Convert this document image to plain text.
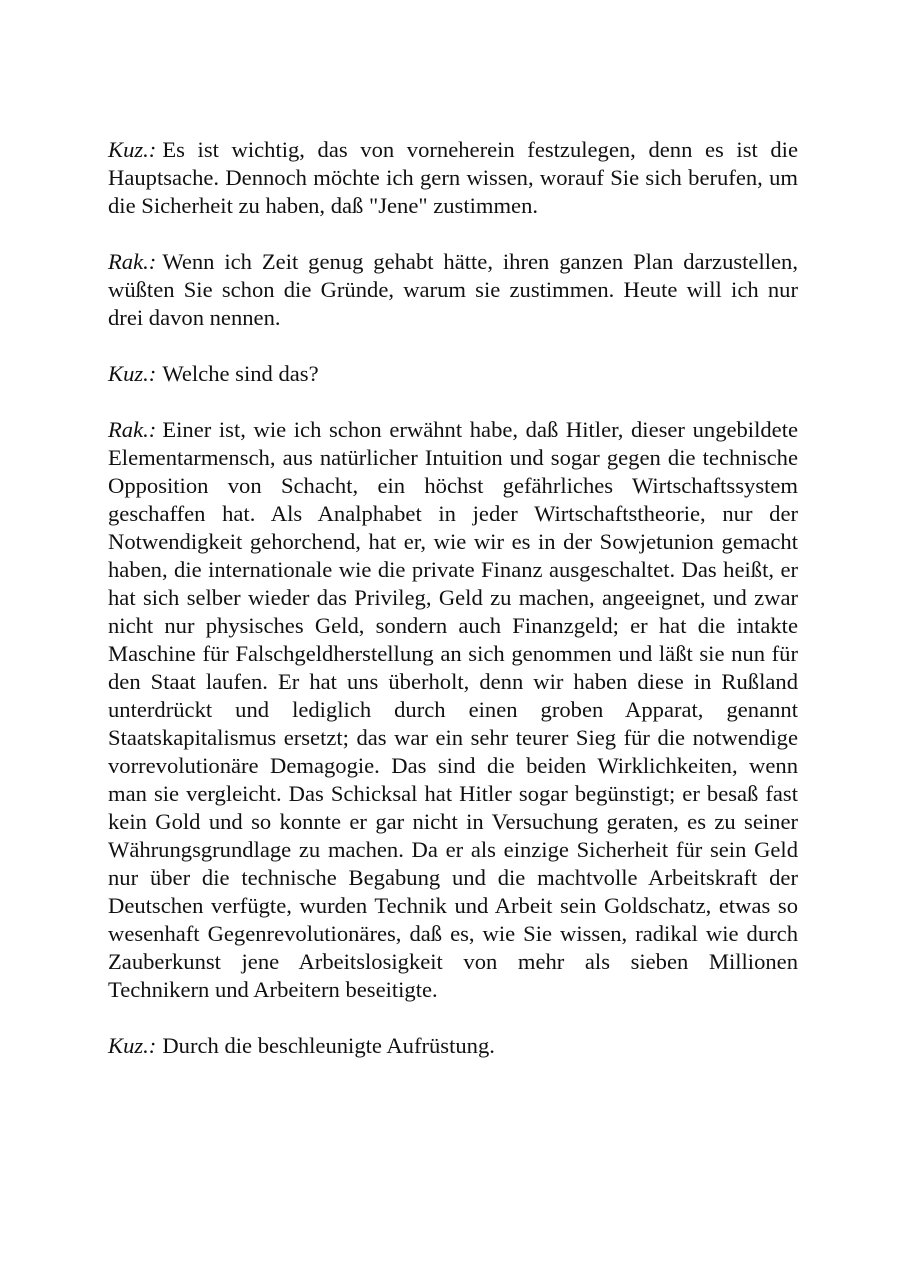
Kuz.: Es ist wichtig, das von vorneherein festzulegen, denn es ist die Hauptsache. Dennoch möchte ich gern wissen, worauf Sie sich berufen, um die Sicherheit zu haben, daß "Jene" zustimmen.

Rak.: Wenn ich Zeit genug gehabt hätte, ihren ganzen Plan darzustellen, wüßten Sie schon die Gründe, warum sie zustimmen. Heute will ich nur drei davon nennen.

Kuz.: Welche sind das?

Rak.: Einer ist, wie ich schon erwähnt habe, daß Hitler, dieser ungebildete Elementarmensch, aus natürlicher Intuition und sogar gegen die technische Opposition von Schacht, ein höchst gefährliches Wirtschaftssystem geschaffen hat. Als Analphabet in jeder Wirtschaftstheorie, nur der Notwendigkeit gehorchend, hat er, wie wir es in der Sowjetunion gemacht haben, die internationale wie die private Finanz ausgeschaltet. Das heißt, er hat sich selber wieder das Privileg, Geld zu machen, angeeignet, und zwar nicht nur physisches Geld, sondern auch Finanzgeld; er hat die intakte Maschine für Falschgeldherstellung an sich genommen und läßt sie nun für den Staat laufen. Er hat uns überholt, denn wir haben diese in Rußland unterdrückt und lediglich durch einen groben Apparat, genannt Staatskapitalismus ersetzt; das war ein sehr teurer Sieg für die notwendige vorrevolutionäre Demagogie. Das sind die beiden Wirklichkeiten, wenn man sie vergleicht. Das Schicksal hat Hitler sogar begünstigt; er besaß fast kein Gold und so konnte er gar nicht in Versuchung geraten, es zu seiner Währungsgrundlage zu machen. Da er als einzige Sicherheit für sein Geld nur über die technische Begabung und die machtvolle Arbeitskraft der Deutschen verfügte, wurden Technik und Arbeit sein Goldschatz, etwas so wesenhaft Gegenrevolutionäres, daß es, wie Sie wissen, radikal wie durch Zauberkunst jene Arbeitslosigkeit von mehr als sieben Millionen Technikern und Arbeitern beseitigte.

Kuz.: Durch die beschleunigte Aufrüstung.
